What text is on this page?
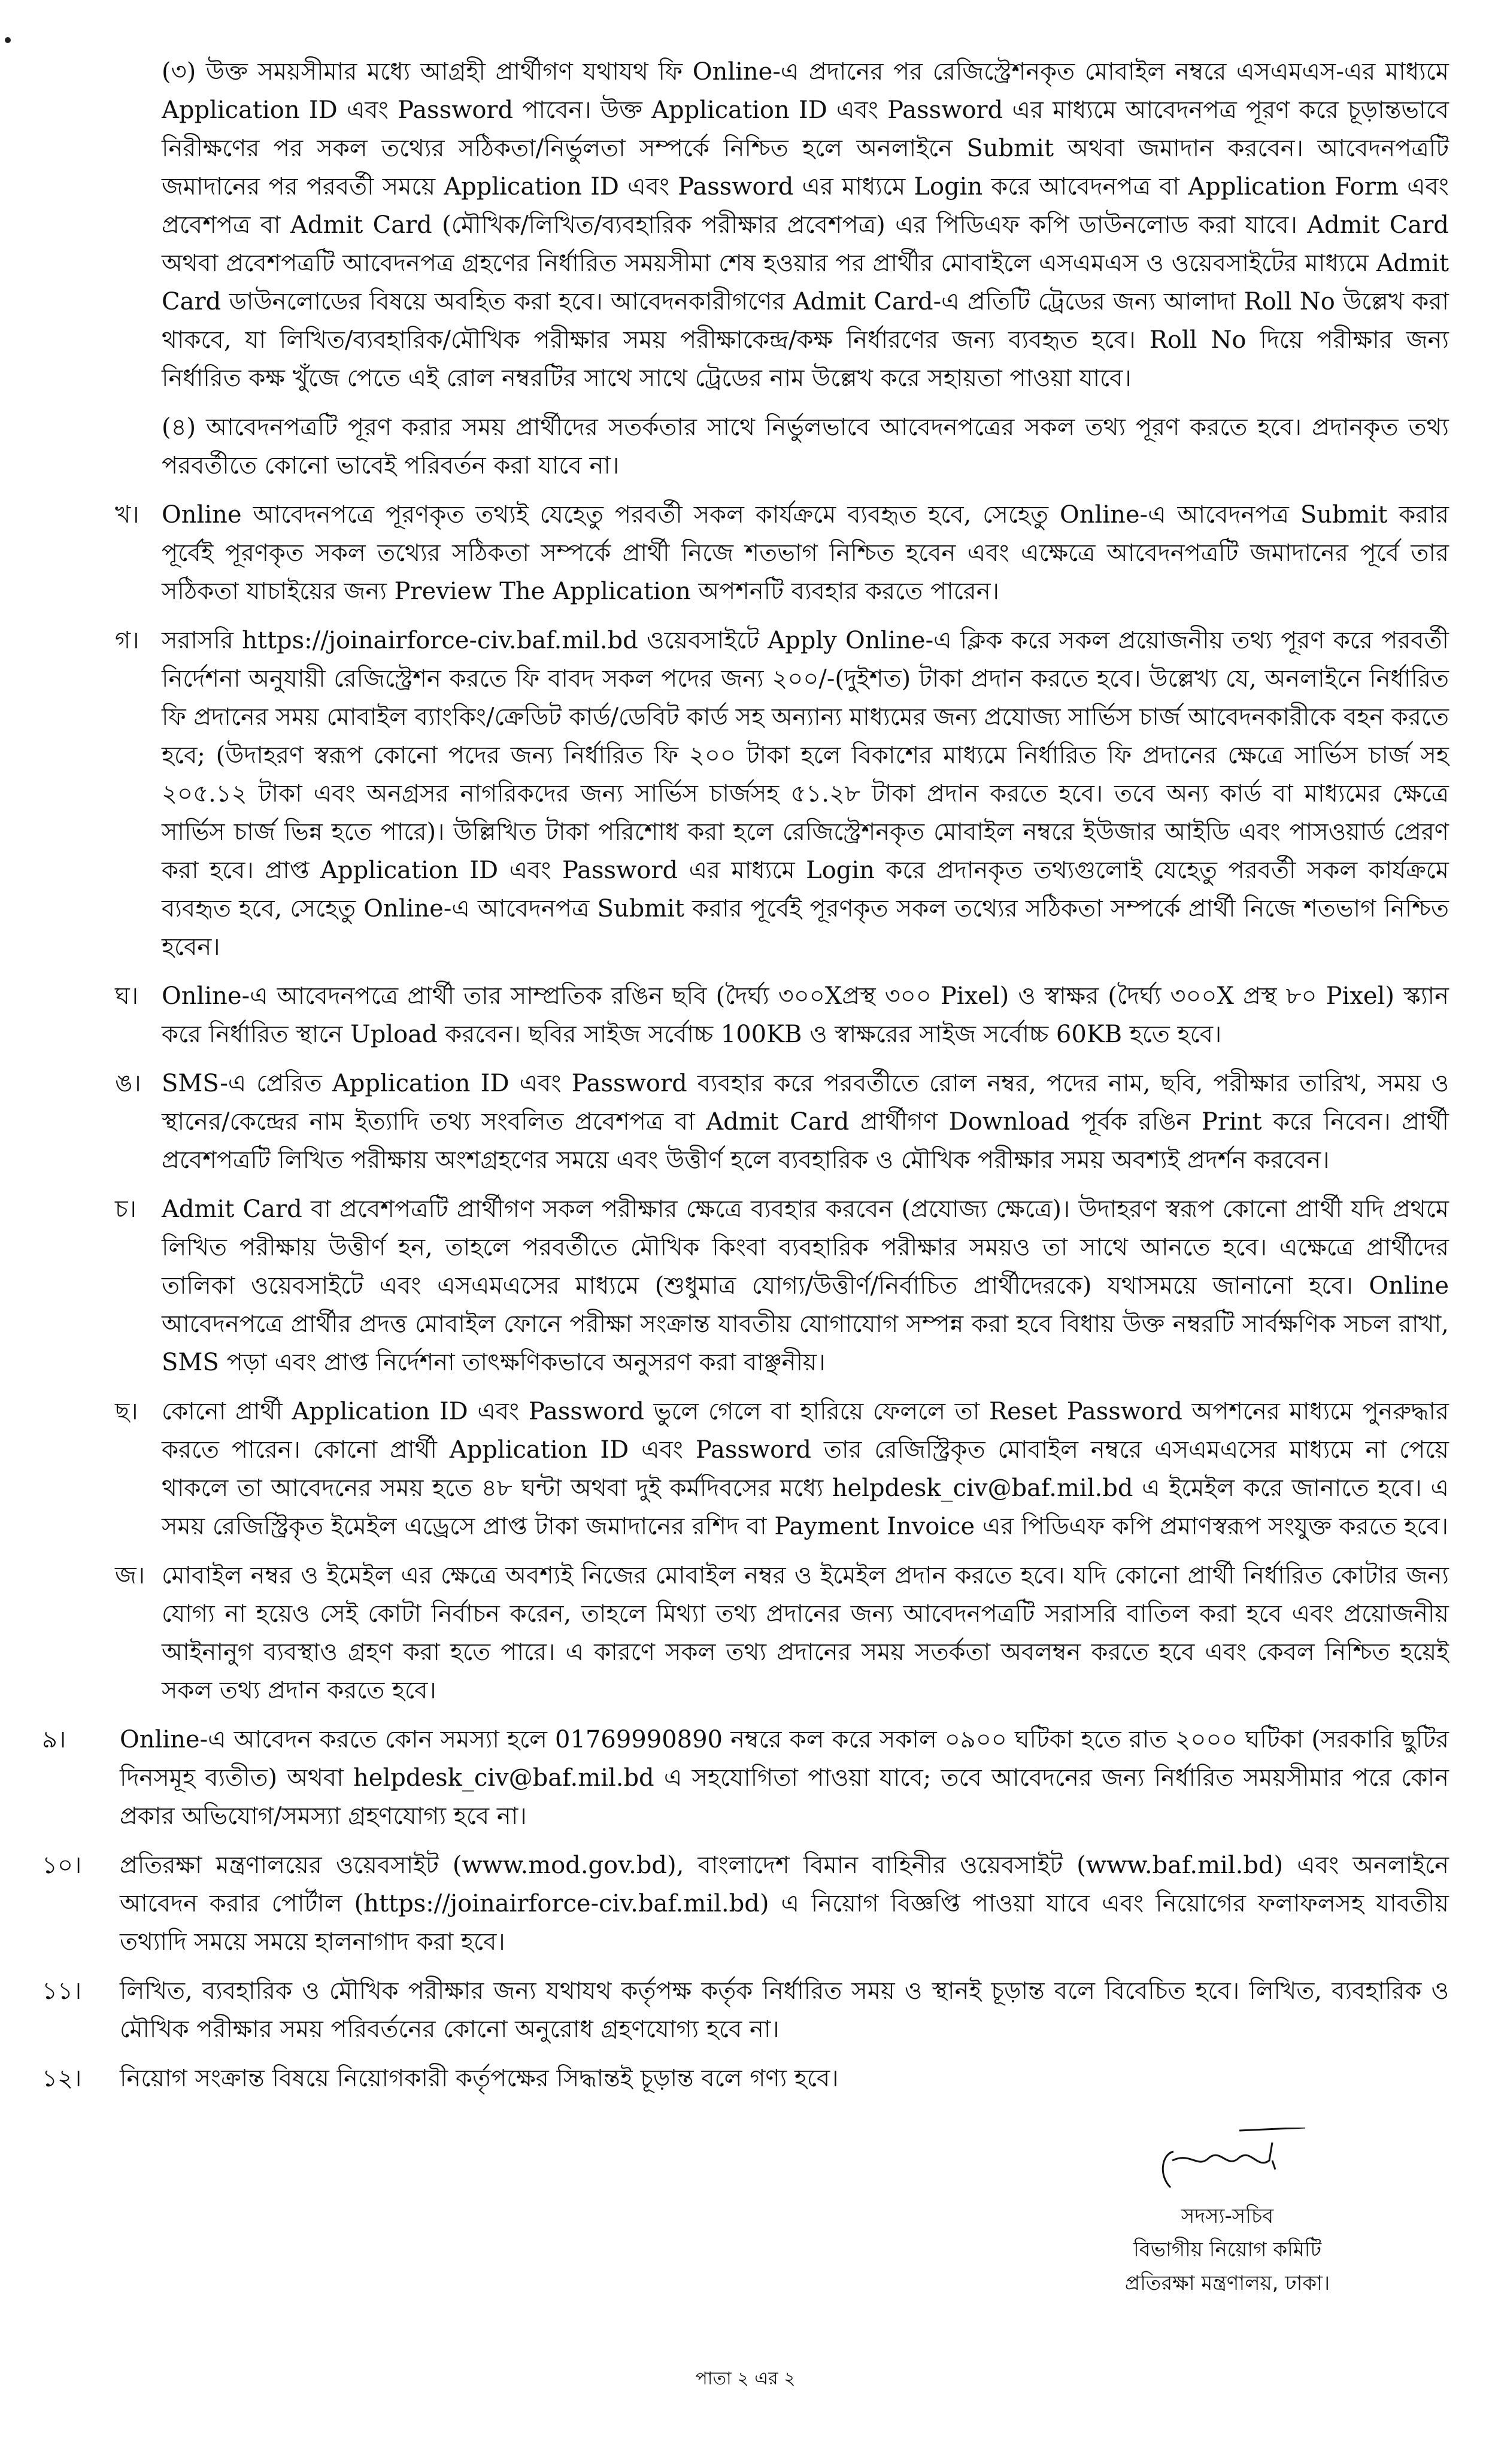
(৩) উক্ত সময়সীমার মধ্যে আগ্রহী প্রার্থীগণ যথাযথ ফি Online-এ প্রদানের পর রেজিস্ট্রেশনকৃত মোবাইল নম্বরে এসএমএস-এর মাধ্যমে Application ID এবং Password পাবেন। উক্ত Application ID এবং Password এর মাধ্যমে আবেদনপত্র পূরণ করে চূড়ান্তভাবে নিরীক্ষণের পর সকল তথ্যের সঠিকতা/নির্ভুলতা সম্পর্কে নিশ্চিত হলে অনলাইনে Submit অথবা জমাদান করবেন। আবেদনপত্রটি জমাদানের পর পরবর্তী সময়ে Application ID এবং Password এর মাধ্যমে Login করে আবেদনপত্র বা Application Form এবং প্রবেশপত্র বা Admit Card (মৌখিক/লিখিত/ব্যবহারিক পরীক্ষার প্রবেশপত্র) এর পিডিএফ কপি ডাউনলোড করা যাবে। Admit Card অথবা প্রবেশপত্রটি আবেদনপত্র গ্রহণের নির্ধারিত সময়সীমা শেষ হওয়ার পর প্রার্থীর মোবাইলে এসএমএস ও ওয়েবসাইটের মাধ্যমে Admit Card ডাউনলোডের বিষয়ে অবহিত করা হবে। আবেদনকারীগণের Admit Card-এ প্রতিটি ট্রেডের জন্য আলাদা Roll No উল্লেখ করা থাকবে, যা লিখিত/ব্যবহারিক/মৌখিক পরীক্ষার সময় পরীক্ষাকেন্দ্র/কক্ষ নির্ধারণের জন্য ব্যবহৃত হবে। Roll No দিয়ে পরীক্ষার জন্য নির্ধারিত কক্ষ খুঁজে পেতে এই রোল নম্বরটির সাথে সাথে ট্রেডের নাম উল্লেখ করে সহায়তা পাওয়া যাবে।
(৪) আবেদনপত্রটি পূরণ করার সময় প্রার্থীদের সতর্কতার সাথে নির্ভুলভাবে আবেদনপত্রের সকল তথ্য পূরণ করতে হবে। প্রদানকৃত তথ্য পরবর্তীতে কোনো ভাবেই পরিবর্তন করা যাবে না।
খ। Online আবেদনপত্রে পূরণকৃত তথ্যই যেহেতু পরবর্তী সকল কার্যক্রমে ব্যবহৃত হবে, সেহেতু Online-এ আবেদনপত্র Submit করার পূর্বেই পূরণকৃত সকল তথ্যের সঠিকতা সম্পর্কে প্রার্থী নিজে শতভাগ নিশ্চিত হবেন এবং এক্ষেত্রে আবেদনপত্রটি জমাদানের পূর্বে তার সঠিকতা যাচাইয়ের জন্য Preview The Application অপশনটি ব্যবহার করতে পারেন।
গ। সরাসরি https://joinairforce-civ.baf.mil.bd ওয়েবসাইটে Apply Online-এ ক্লিক করে সকল প্রয়োজনীয় তথ্য পূরণ করে পরবর্তী নির্দেশনা অনুযায়ী রেজিস্ট্রেশন করতে ফি বাবদ সকল পদের জন্য ২০০/-(দুইশত) টাকা প্রদান করতে হবে। উল্লেখ্য যে, অনলাইনে নির্ধারিত ফি প্রদানের সময় মোবাইল ব্যাংকিং/ক্রেডিট কার্ড/ডেবিট কার্ড সহ অন্যান্য মাধ্যমের জন্য প্রযোজ্য সার্ভিস চার্জ আবেদনকারীকে বহন করতে হবে; (উদাহরণ স্বরূপ কোনো পদের জন্য নির্ধারিত ফি ২০০ টাকা হলে বিকাশের মাধ্যমে নির্ধারিত ফি প্রদানের ক্ষেত্রে সার্ভিস চার্জ সহ ২০৫.১২ টাকা এবং অনগ্রসর নাগরিকদের জন্য সার্ভিস চার্জসহ ৫১.২৮ টাকা প্রদান করতে হবে। তবে অন্য কার্ড বা মাধ্যমের ক্ষেত্রে সার্ভিস চার্জ ভিন্ন হতে পারে)। উল্লিখিত টাকা পরিশোধ করা হলে রেজিস্ট্রেশনকৃত মোবাইল নম্বরে ইউজার আইডি এবং পাসওয়ার্ড প্রেরণ করা হবে। প্রাপ্ত Application ID এবং Password এর মাধ্যমে Login করে প্রদানকৃত তথ্যগুলোই যেহেতু পরবর্তী সকল কার্যক্রমে ব্যবহৃত হবে, সেহেতু Online-এ আবেদনপত্র Submit করার পূর্বেই পূরণকৃত সকল তথ্যের সঠিকতা সম্পর্কে প্রার্থী নিজে শতভাগ নিশ্চিত হবেন।
ঘ। Online-এ আবেদনপত্রে প্রার্থী তার সাম্প্রতিক রঙিন ছবি (দৈর্ঘ্য ৩০০Xপ্রস্থ ৩০০ Pixel) ও স্বাক্ষর (দৈর্ঘ্য ৩০০X প্রস্থ ৮০ Pixel) স্ক্যান করে নির্ধারিত স্থানে Upload করবেন। ছবির সাইজ সর্বোচ্চ 100KB ও স্বাক্ষরের সাইজ সর্বোচ্চ 60KB হতে হবে।
ঙ। SMS-এ প্রেরিত Application ID এবং Password ব্যবহার করে পরবর্তীতে রোল নম্বর, পদের নাম, ছবি, পরীক্ষার তারিখ, সময় ও স্থানের/কেন্দ্রের নাম ইত্যাদি তথ্য সংবলিত প্রবেশপত্র বা Admit Card প্রার্থীগণ Download পূর্বক রঙিন Print করে নিবেন। প্রার্থী প্রবেশপত্রটি লিখিত পরীক্ষায় অংশগ্রহণের সময়ে এবং উত্তীর্ণ হলে ব্যবহারিক ও মৌখিক পরীক্ষার সময় অবশ্যই প্রদর্শন করবেন।
চ।	Admit Card বা প্রবেশপত্রটি প্রার্থীগণ সকল পরীক্ষার ক্ষেত্রে ব্যবহার করবেন (প্রযোজ্য ক্ষেত্রে)। উদাহরণ স্বরূপ কোনো প্রার্থী যদি প্রথমে লিখিত পরীক্ষায় উত্তীর্ণ হন, তাহলে পরবর্তীতে মৌখিক কিংবা ব্যবহারিক পরীক্ষার সময়ও তা সাথে আনতে হবে। এক্ষেত্রে প্রার্থীদের তালিকা ওয়েবসাইটে এবং এসএমএসের মাধ্যমে (শুধুমাত্র যোগ্য/উত্তীর্ণ/নির্বাচিত প্রার্থীদেরকে) যথাসময়ে জানানো হবে। Online আবেদনপত্রে প্রার্থীর প্রদত্ত মোবাইল ফোনে পরীক্ষা সংক্রান্ত যাবতীয় যোগাযোগ সম্পন্ন করা হবে বিধায় উক্ত নম্বরটি সার্বক্ষণিক সচল রাখা, SMS পড়া এবং প্রাপ্ত নির্দেশনা তাৎক্ষণিকভাবে অনুসরণ করা বাঞ্ছনীয়।
ছ। কোনো প্রার্থী Application ID এবং Password ভুলে গেলে বা হারিয়ে ফেললে তা Reset Password অপশনের মাধ্যমে পুনরুদ্ধার করতে পারেন। কোনো প্রার্থী Application ID এবং Password তার রেজিস্ট্রিকৃত মোবাইল নম্বরে এসএমএসের মাধ্যমে না পেয়ে থাকলে তা আবেদনের সময় হতে ৪৮ ঘন্টা অথবা দুই কর্মদিবসের মধ্যে helpdesk_civ@baf.mil.bd এ ইমেইল করে জানাতে হবে। এ সময় রেজিস্ট্রিকৃত ইমেইল এড্রেসে প্রাপ্ত টাকা জমাদানের রশিদ বা Payment Invoice এর পিডিএফ কপি প্রমাণস্বরূপ সংযুক্ত করতে হবে।
জ। মোবাইল নম্বর ও ইমেইল এর ক্ষেত্রে অবশ্যই নিজের মোবাইল নম্বর ও ইমেইল প্রদান করতে হবে। যদি কোনো প্রার্থী নির্ধারিত কোটার জন্য যোগ্য না হয়েও সেই কোটা নির্বাচন করেন, তাহলে মিথ্যা তথ্য প্রদানের জন্য আবেদনপত্রটি সরাসরি বাতিল করা হবে এবং প্রয়োজনীয় আইনানুগ ব্যবস্থাও গ্রহণ করা হতে পারে। এ কারণে সকল তথ্য প্রদানের সময় সতর্কতা অবলম্বন করতে হবে এবং কেবল নিশ্চিত হয়েই সকল তথ্য প্রদান করতে হবে।
৯।	Online-এ আবেদন করতে কোন সমস্যা হলে 01769990890 নম্বরে কল করে সকাল ০৯০০ ঘটিকা হতে রাত ২০০০ ঘটিকা (সরকারি ছুটির দিনসমূহ ব্যতীত) অথবা helpdesk_civ@baf.mil.bd এ সহযোগিতা পাওয়া যাবে; তবে আবেদনের জন্য নির্ধারিত সময়সীমার পরে কোন প্রকার অভিযোগ/সমস্যা গ্রহণযোগ্য হবে না।
১০।	প্রতিরক্ষা মন্ত্রণালয়ের ওয়েবসাইট (www.mod.gov.bd), বাংলাদেশ বিমান বাহিনীর ওয়েবসাইট (www.baf.mil.bd) এবং অনলাইনে আবেদন করার পোর্টাল (https://joinairforce-civ.baf.mil.bd) এ নিয়োগ বিজ্ঞপ্তি পাওয়া যাবে এবং নিয়োগের ফলাফলসহ যাবতীয় তথ্যাদি সময়ে সময়ে হালনাগাদ করা হবে।
১১।	লিখিত, ব্যবহারিক ও মৌখিক পরীক্ষার জন্য যথাযথ কর্তৃপক্ষ কর্তৃক নির্ধারিত সময় ও স্থানই চূড়ান্ত বলে বিবেচিত হবে। লিখিত, ব্যবহারিক ও মৌখিক পরীক্ষার সময় পরিবর্তনের কোনো অনুরোধ গ্রহণযোগ্য হবে না।
১২।	নিয়োগ সংক্রান্ত বিষয়ে নিয়োগকারী কর্তৃপক্ষের সিদ্ধান্তই চূড়ান্ত বলে গণ্য হবে।
সদস্য-সচিব
বিভাগীয় নিয়োগ কমিটি
প্রতিরক্ষা মন্ত্রণালয়, ঢাকা।
পাতা ২ এর ২
